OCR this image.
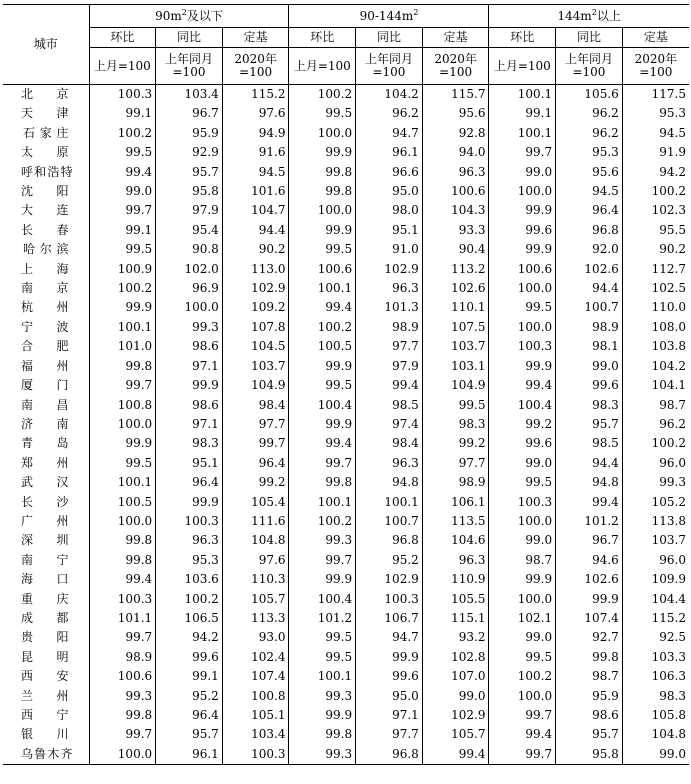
城市	$90m^2$及以下			$90-144m^2$			$144m^2$以上		
	环比	同比	定基	环比	同比	定基	环比	同比	定基
	上月=100	上年同月=100	2020年=100	上月=100	上年同月=100	2020年=100	上月=100	上年同月=100	2020年=100

北京	100.3	103.4	115.2	100.2	104.2	115.7	100.1	105.6	117.5

天津	99.1	96.7	97.6	99.5	96.2	95.6	99.1	96.2	95.3

石家庄	100.2	95.9	94.9	100.0	94.7	92.8	100.1	96.2	94.5

太原	99.5	92.9	91.6	99.9	96.1	94.0	99.7	95.3	91.9

呼和浩特	99.4	95.7	94.5	99.8	96.6	96.3	99.0	95.6	94.2

沈阳	99.0	95.8	101.6	99.8	95.0	100.6	100.0	94.5	100.2

大连	99.7	97.9	104.7	100.0	98.0	104.3	99.9	96.4	102.3

长春	99.1	95.4	94.4	99.9	95.1	93.3	99.6	96.8	95.5

哈尔滨	99.5	90.8	90.2	99.5	91.0	90.4	99.9	92.0	90.2

上海	100.9	102.0	113.0	100.6	102.9	113.2	100.6	102.6	112.7

南京	100.2	96.9	102.9	100.1	96.3	102.6	100.0	94.4	102.5

杭州	99.9	100.0	109.2	99.4	101.3	110.1	99.5	100.7	110.0

宁波	100.1	99.3	107.8	100.2	98.9	107.5	100.0	98.9	108.0

合肥	101.0	98.6	104.5	100.5	97.7	103.7	100.3	98.1	103.8

福州	99.8	97.1	103.7	99.9	97.9	103.1	99.9	99.0	104.2

厦门	99.7	99.9	104.9	99.5	99.4	104.9	99.4	99.6	104.1

南昌	100.8	98.6	98.4	100.4	98.5	99.5	100.4	98.3	98.7

济南	100.0	97.1	97.7	99.9	97.4	98.3	99.2	95.7	96.2

青岛	99.9	98.3	99.7	99.4	98.4	99.2	99.6	98.5	100.2

郑州	99.5	95.1	96.4	99.7	96.3	97.7	99.0	94.4	96.0

武汉	100.1	96.4	99.2	99.8	94.8	98.9	99.5	94.8	99.3

长沙	100.5	99.9	105.4	100.1	100.1	106.1	100.3	99.4	105.2

广州	100.0	100.3	111.6	100.2	100.7	113.5	100.0	101.2	113.8

深圳	99.8	96.3	104.8	99.3	96.8	104.6	99.0	96.7	103.7

南宁	99.8	95.3	97.6	99.7	95.2	96.3	98.7	94.6	96.0

海口	99.4	103.6	110.3	99.9	102.9	110.9	99.9	102.6	109.9

重庆	100.3	100.2	105.7	100.4	100.3	105.5	100.0	99.9	104.4

成都	101.1	106.5	113.3	101.2	106.7	115.1	102.1	107.4	115.2

贵阳	99.7	94.2	93.0	99.5	94.7	93.2	99.0	92.7	92.5

昆明	98.9	99.6	102.4	99.5	99.9	102.8	99.5	99.8	103.3

西安	100.6	99.1	107.4	100.1	99.6	107.0	100.2	98.7	106.3

兰州	99.3	95.2	100.8	99.3	95.0	99.0	100.0	95.9	98.3

西宁	99.8	96.4	105.1	99.9	97.1	102.9	99.7	98.6	105.8

银川	99.7	95.7	103.4	99.8	97.7	105.7	99.4	95.7	104.8

乌鲁木齐	100.0	96.1	100.3	99.3	96.8	99.4	99.7	95.8	99.0
